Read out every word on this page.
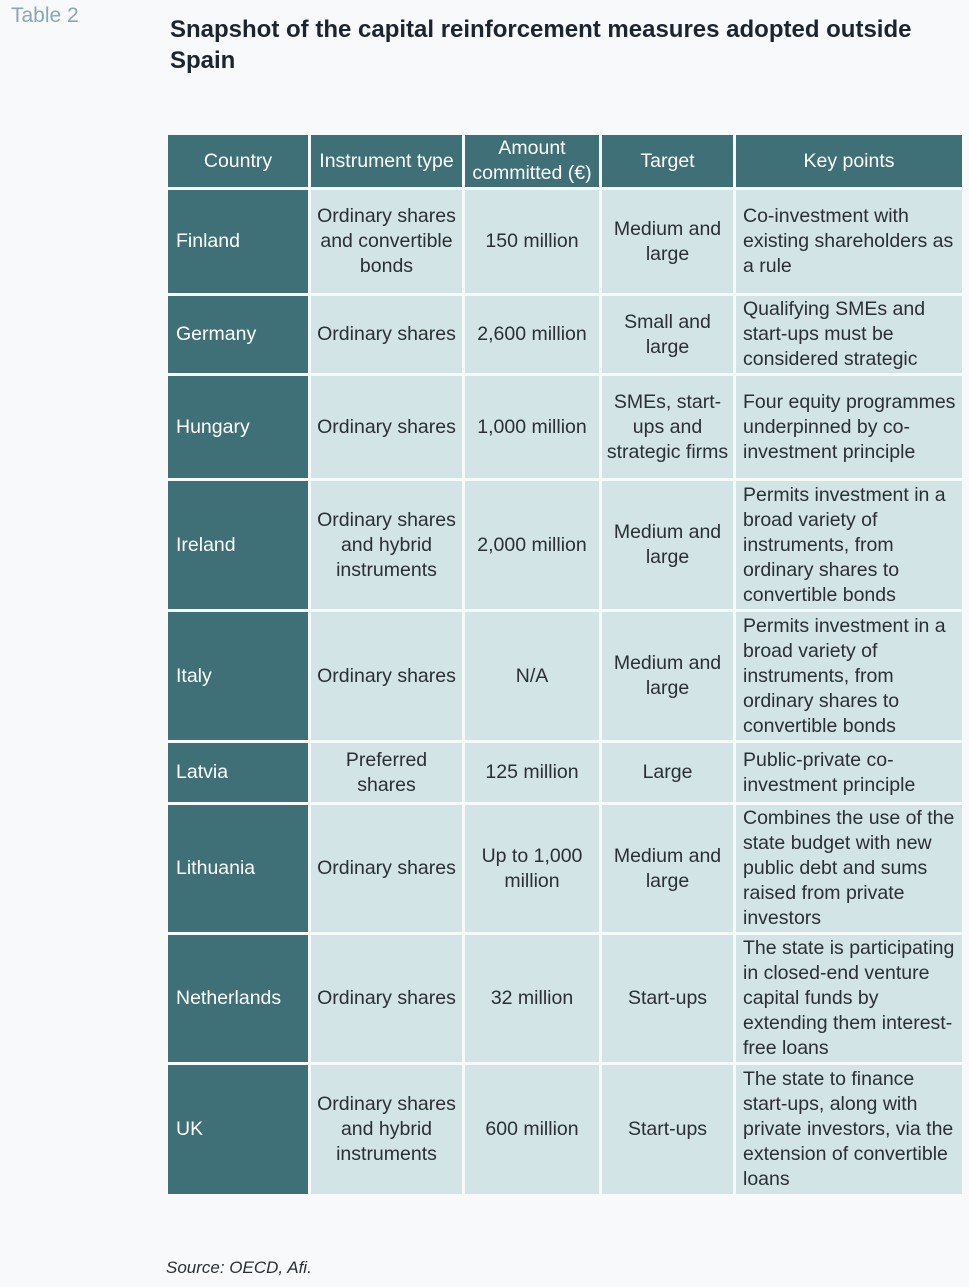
Table 2
Snapshot of the capital reinforcement measures adopted outside Spain
Country	Instrument type	Amount committed (€)	Target	Key points
Finland	Ordinary shares and convertible bonds	150 million	Medium and large	Co-investment with existing shareholders as a rule
Germany	Ordinary shares	2,600 million	Small and large	Qualifying SMEs and start-ups must be considered strategic
Hungary	Ordinary shares	1,000 million	SMEs, start-ups and strategic firms	Four equity programmes underpinned by co-investment principle
Ireland	Ordinary shares and hybrid instruments	2,000 million	Medium and large	Permits investment in a broad variety of instruments, from ordinary shares to convertible bonds
Italy	Ordinary shares	N/A	Medium and large	Permits investment in a broad variety of instruments, from ordinary shares to convertible bonds
Latvia	Preferred shares	125 million	Large	Public-private co-investment principle
Lithuania	Ordinary shares	Up to 1,000 million	Medium and large	Combines the use of the state budget with new public debt and sums raised from private investors
Netherlands	Ordinary shares	32 million	Start-ups	The state is participating in closed-end venture capital funds by extending them interest-free loans
UK	Ordinary shares and hybrid instruments	600 million	Start-ups	The state to finance start-ups, along with private investors, via the extension of convertible loans
Source: OECD, Afi.
